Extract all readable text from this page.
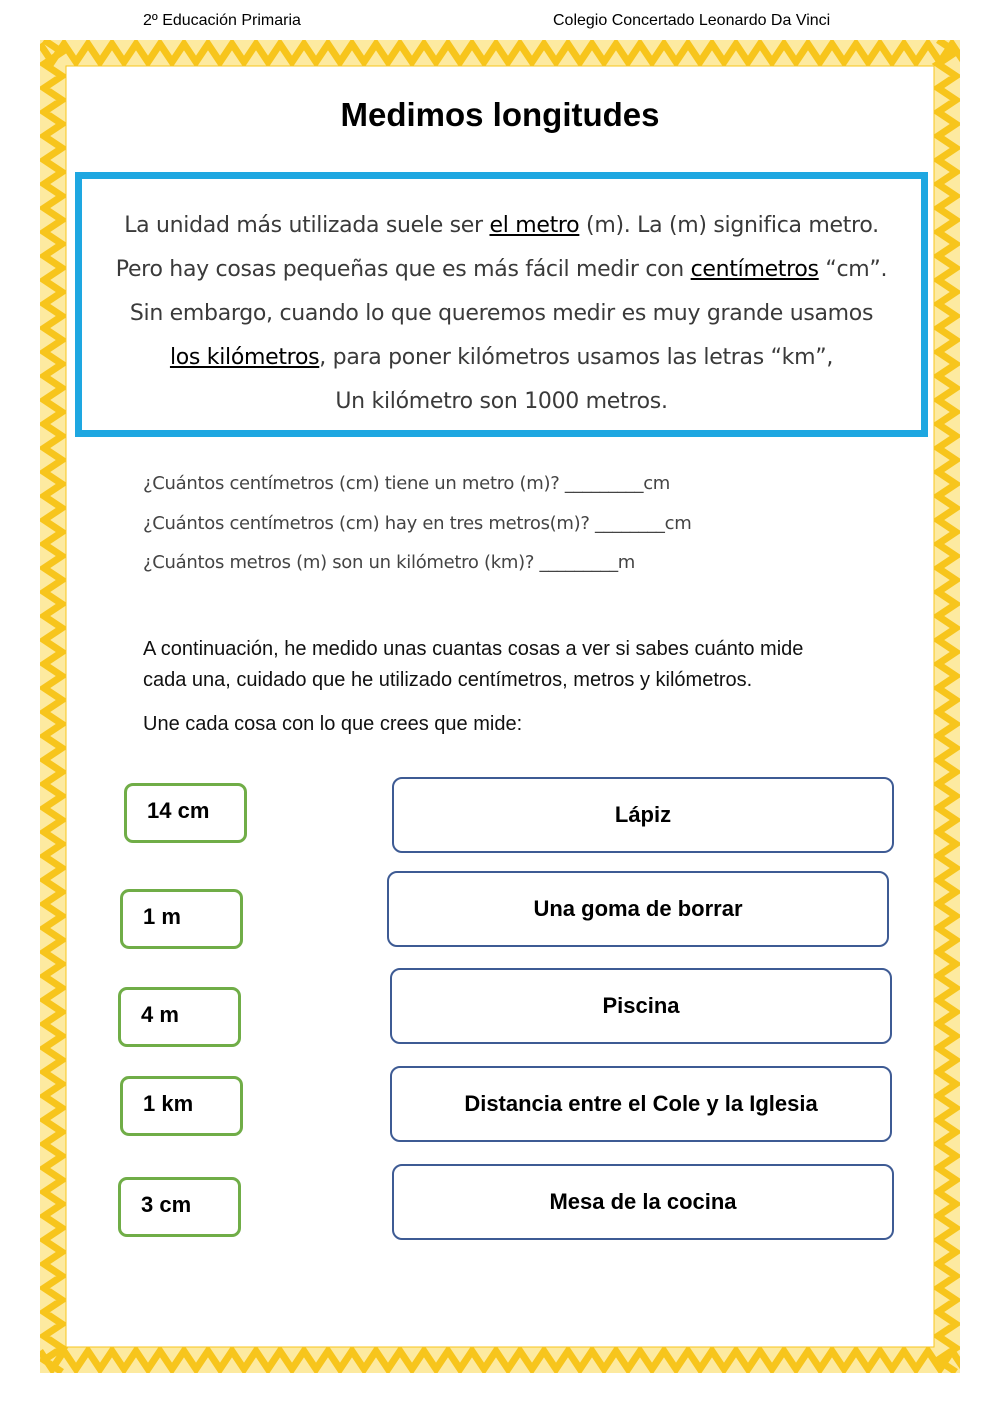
2º Educación Primaria	Colegio Concertado Leonardo Da Vinci
Medimos longitudes
La unidad más utilizada suele ser el metro (m). La (m) significa metro.
Pero hay cosas pequeñas que es más fácil medir con centímetros “cm”.
Sin embargo, cuando lo que queremos medir es muy grande usamos
los kilómetros, para poner kilómetros usamos las letras “km”,
Un kilómetro son 1000 metros.
¿Cuántos centímetros (cm) tiene un metro (m)? _________cm
¿Cuántos centímetros (cm) hay en tres metros(m)? ________cm
¿Cuántos metros (m) son un kilómetro (km)? _________m
A continuación, he medido unas cuantas cosas a ver si sabes cuánto mide
cada una, cuidado que he utilizado centímetros, metros y kilómetros.
Une cada cosa con lo que crees que mide:
14 cm
1 m
4 m
1 km
3 cm
Lápiz
Una goma de borrar
Piscina
Distancia entre el Cole y la Iglesia
Mesa de la cocina
